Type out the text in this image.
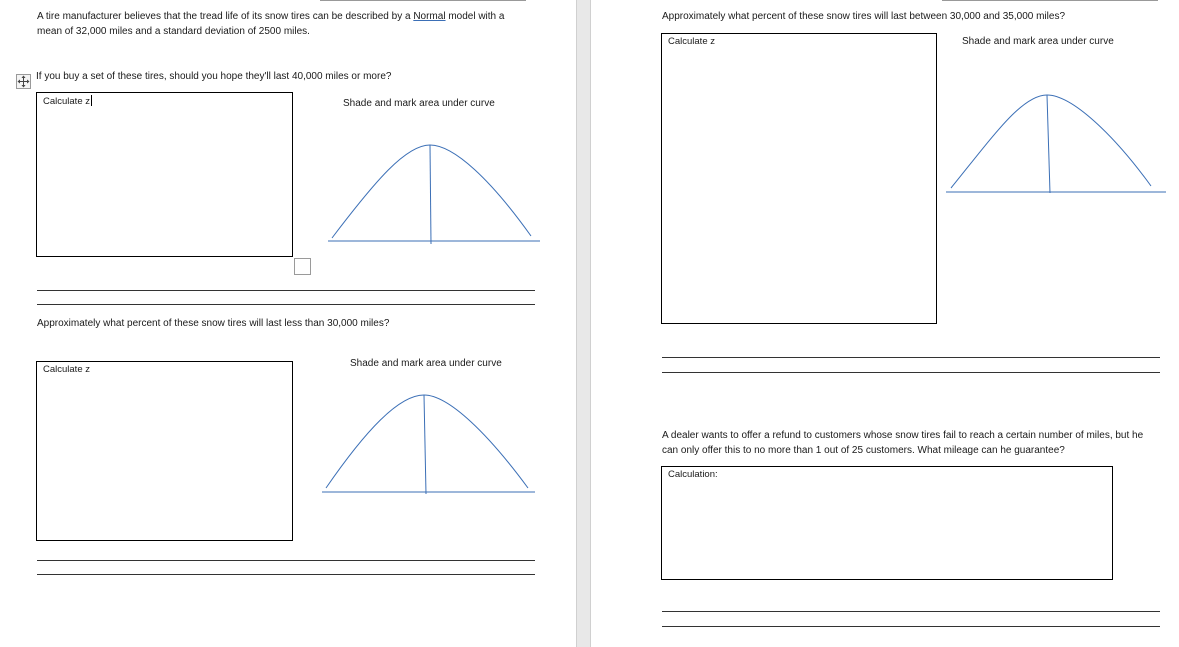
A tire manufacturer believes that the tread life of its snow tires can be described by a Normal model with a
mean of 32,000 miles and a standard deviation of 2500 miles.
If you buy a set of these tires, should you hope they'll last 40,000 miles or more?
Calculate z	Shade and mark area under curve
Approximately what percent of these snow tires will last less than 30,000 miles?
Shade and mark area under curve
Calculate z
Approximately what percent of these snow tires will last between 30,000 and 35,000 miles?
Calculate z	Shade and mark area under curve
A dealer wants to offer a refund to customers whose snow tires fail to reach a certain number of miles, but he
can only offer this to no more than 1 out of 25 customers. What mileage can he guarantee?
Calculation:
